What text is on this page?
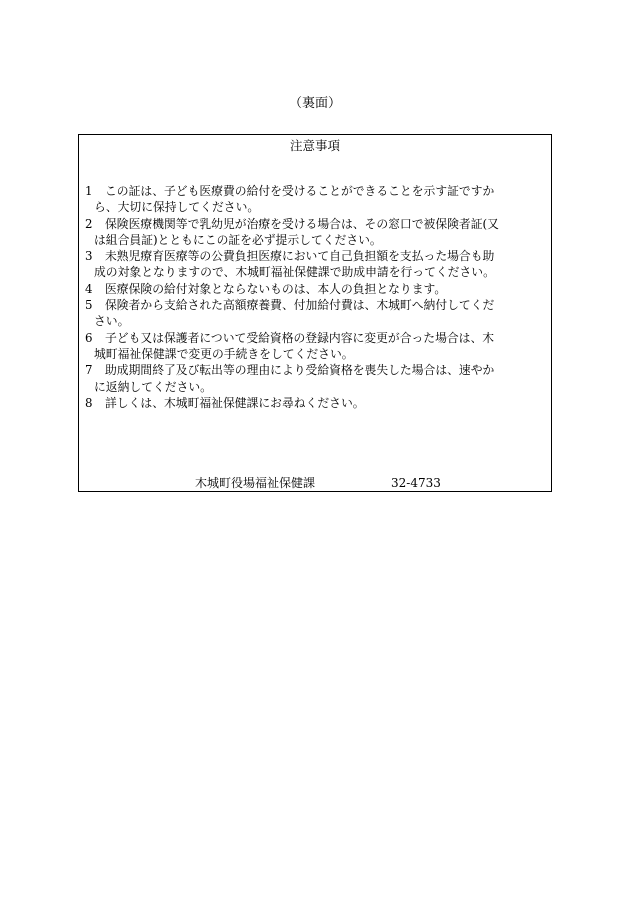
（裏面）
注意事項
1 この証は、子ども医療費の給付を受けることができることを示す証ですか
ら、大切に保持してください。
2 保険医療機関等で乳幼児が治療を受ける場合は、その窓口で被保険者証(又
は組合員証)とともにこの証を必ず提示してください。
3 未熟児療育医療等の公費負担医療において自己負担額を支払った場合も助
成の対象となりますので、木城町福祉保健課で助成申請を行ってください。
4 医療保険の給付対象とならないものは、本人の負担となります。
5 保険者から支給された高額療養費、付加給付費は、木城町へ納付してくだ
さい。
6 子ども又は保護者について受給資格の登録内容に変更が合った場合は、木
城町福祉保健課で変更の手続きをしてください。
7 助成期間終了及び転出等の理由により受給資格を喪失した場合は、速やか
に返納してください。
8 詳しくは、木城町福祉保健課にお尋ねください。
木城町役場福祉保健課	32-4733
